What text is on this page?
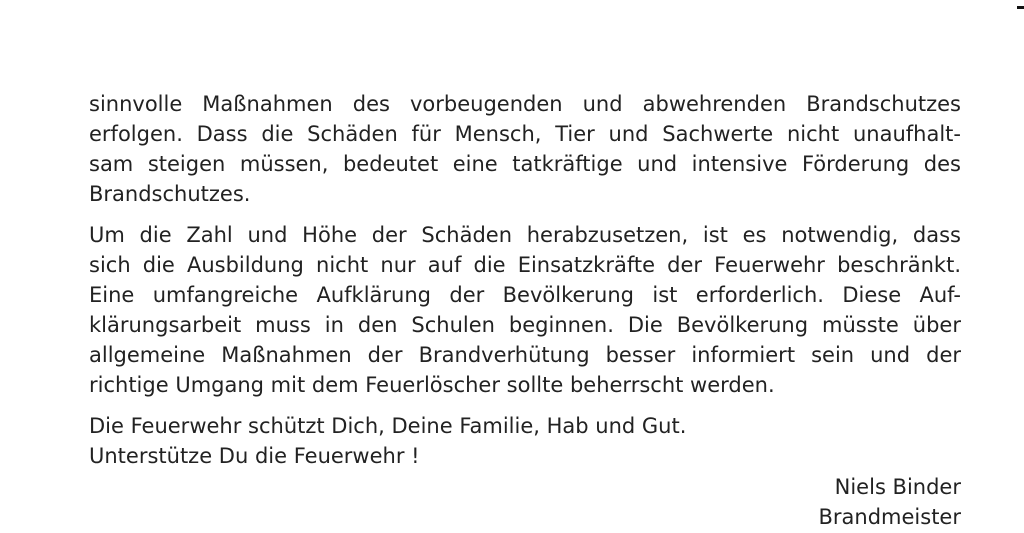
sinnvolle Maßnahmen des vorbeugenden und abwehrenden Brandschutzes
erfolgen. Dass die Schäden für Mensch, Tier und Sachwerte nicht unaufhalt-
sam steigen müssen, bedeutet eine tatkräftige und intensive Förderung des
Brandschutzes.

Um die Zahl und Höhe der Schäden herabzusetzen, ist es notwendig, dass
sich die Ausbildung nicht nur auf die Einsatzkräfte der Feuerwehr beschränkt.
Eine umfangreiche Aufklärung der Bevölkerung ist erforderlich. Diese Auf-
klärungsarbeit muss in den Schulen beginnen. Die Bevölkerung müsste über
allgemeine Maßnahmen der Brandverhütung besser informiert sein und der
richtige Umgang mit dem Feuerlöscher sollte beherrscht werden.

Die Feuerwehr schützt Dich, Deine Familie, Hab und Gut.
Unterstütze Du die Feuerwehr !

Niels Binder
Brandmeister
